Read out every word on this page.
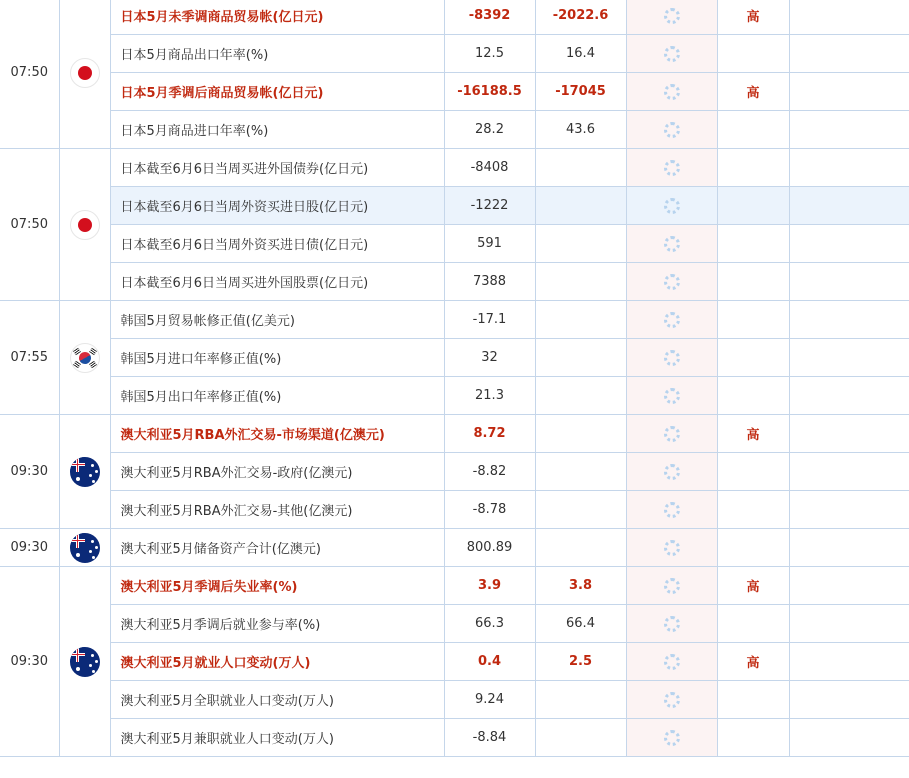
07:50		日本5月未季调商品贸易帐(亿日元)	-8392	-2022.6		高	
		日本5月商品出口年率(%)	12.5	16.4			
		日本5月季调后商品贸易帐(亿日元)	-16188.5	-17045		高	
		日本5月商品进口年率(%)	28.2	43.6			
07:50		日本截至6月6日当周买进外国债券(亿日元)	-8408				
		日本截至6月6日当周外资买进日股(亿日元)	-1222				
		日本截至6月6日当周外资买进日债(亿日元)	591				
		日本截至6月6日当周买进外国股票(亿日元)	7388				
07:55		韩国5月贸易帐修正值(亿美元)	-17.1				
		韩国5月进口年率修正值(%)	32				
		韩国5月出口年率修正值(%)	21.3				
09:30		澳大利亚5月RBA外汇交易-市场渠道(亿澳元)	8.72			高	
		澳大利亚5月RBA外汇交易-政府(亿澳元)	-8.82				
		澳大利亚5月RBA外汇交易-其他(亿澳元)	-8.78				
09:30		澳大利亚5月储备资产合计(亿澳元)	800.89				
09:30		澳大利亚5月季调后失业率(%)	3.9	3.8		高	
		澳大利亚5月季调后就业参与率(%)	66.3	66.4			
		澳大利亚5月就业人口变动(万人)	0.4	2.5		高	
		澳大利亚5月全职就业人口变动(万人)	9.24				
		澳大利亚5月兼职就业人口变动(万人)	-8.84				
